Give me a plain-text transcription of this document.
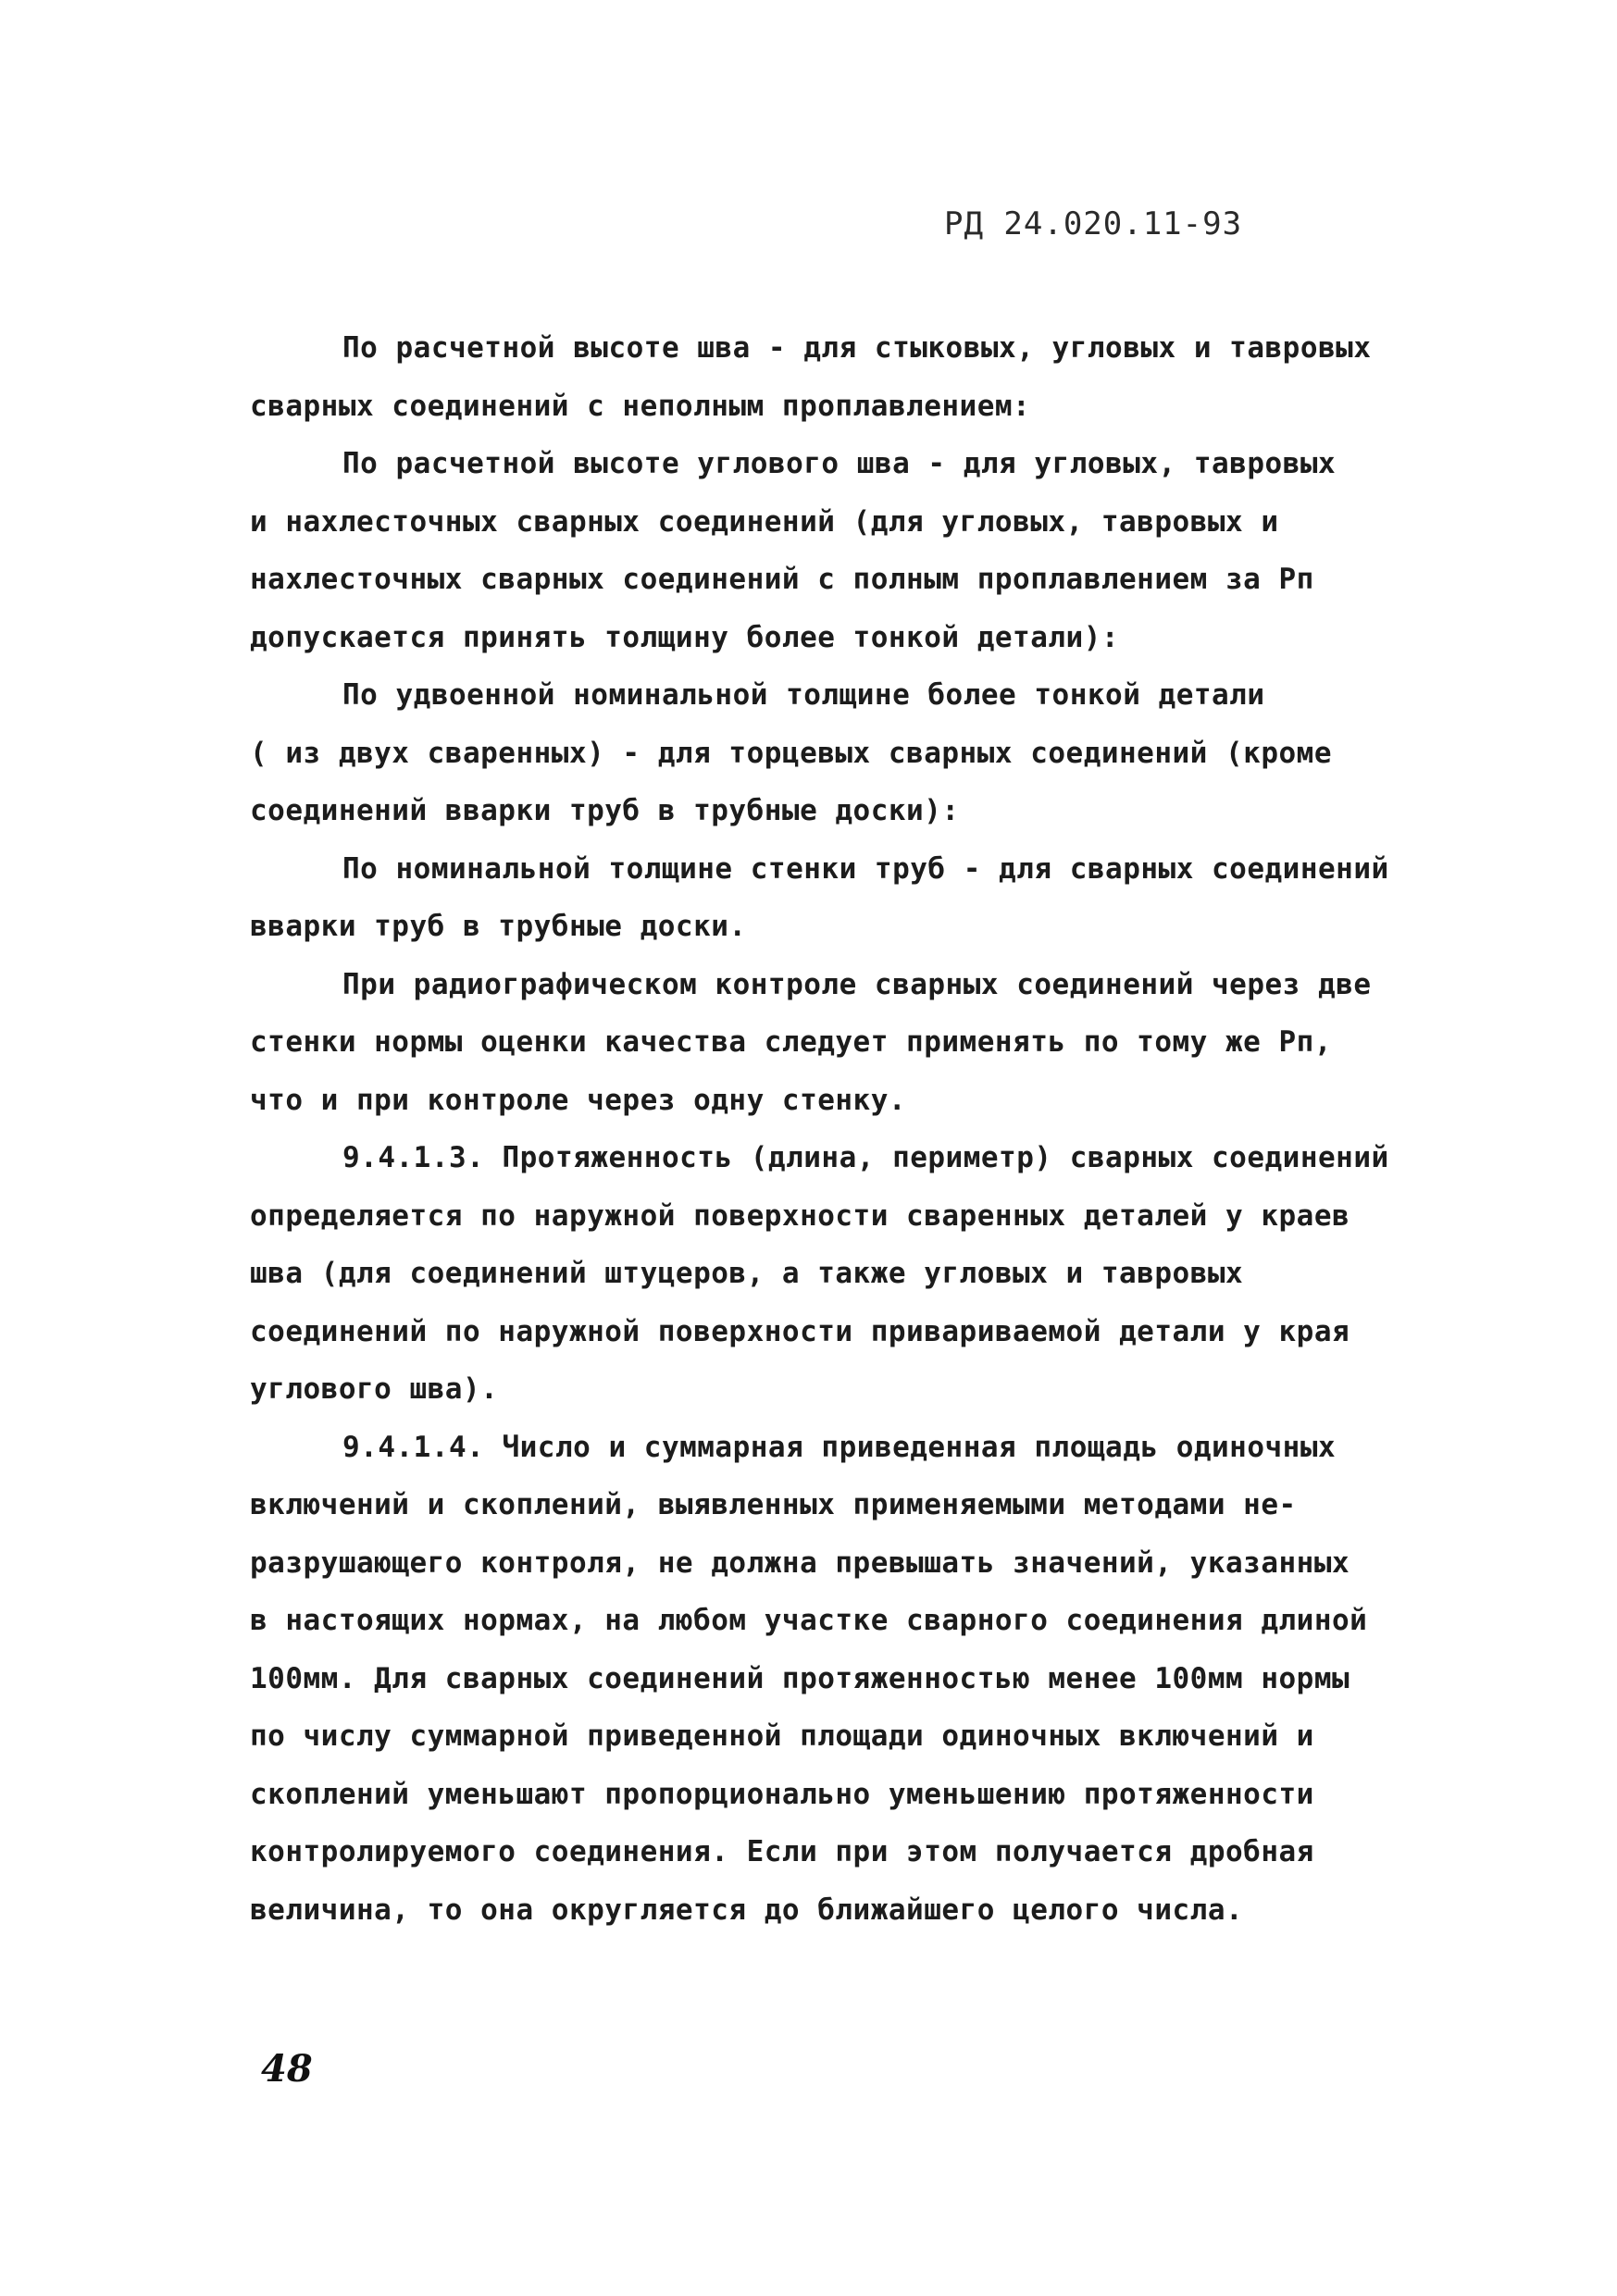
РД 24.020.11-93
По расчетной высоте шва - для стыковых, угловых и тавровых
сварных соединений с неполным проплавлением:
По расчетной высоте углового шва - для угловых, тавровых
и нахлесточных сварных соединений (для угловых, тавровых и
нахлесточных сварных соединений с полным проплавлением за Рп
допускается принять толщину более тонкой детали):
По удвоенной номинальной толщине более тонкой детали
( из двух сваренных) - для торцевых сварных соединений (кроме
соединений вварки труб в трубные доски):
По номинальной толщине стенки труб - для сварных соединений
вварки труб в трубные доски.
При радиографическом контроле сварных соединений через две
стенки нормы оценки качества следует применять по тому же Рп,
что и при контроле через одну стенку.
9.4.1.3. Протяженность (длина, периметр) сварных соединений
определяется по наружной поверхности сваренных деталей у краев
шва (для соединений штуцеров, а также угловых и тавровых
соединений по наружной поверхности привариваемой детали у края
углового шва).
9.4.1.4. Число и суммарная приведенная площадь одиночных
включений и скоплений, выявленных применяемыми методами не-
разрушающего контроля, не должна превышать значений, указанных
в настоящих нормах, на любом участке сварного соединения длиной
100мм. Для сварных соединений протяженностью менее 100мм нормы
по числу суммарной приведенной площади одиночных включений и
скоплений уменьшают пропорционально уменьшению протяженности
контролируемого соединения. Если при этом получается дробная
величина, то она округляется до ближайшего целого числа.
48
